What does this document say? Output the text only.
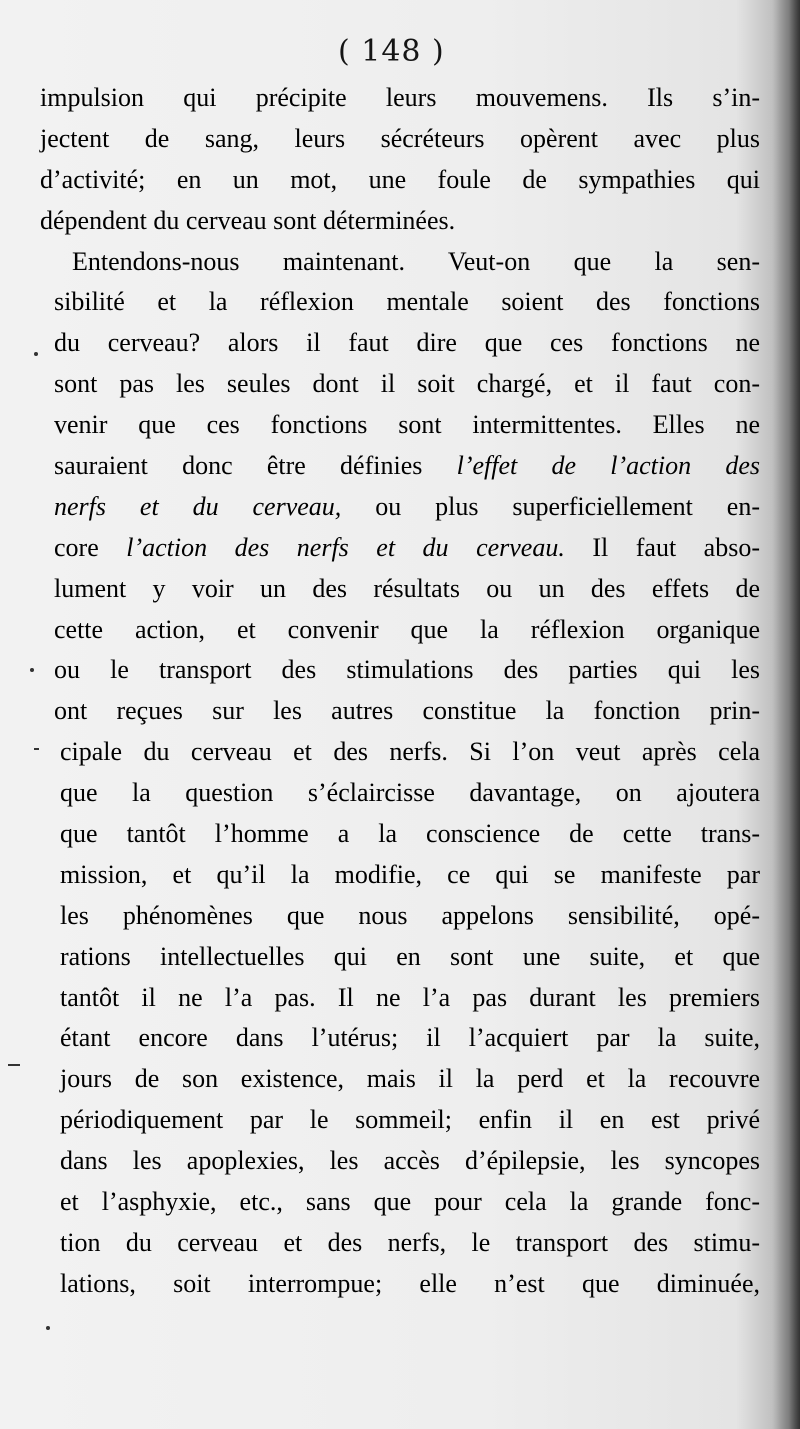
( 148 )
impulsion qui précipite leurs mouvemens. Ils s’in-
jectent de sang, leurs sécréteurs opèrent avec plus
d’activité; en un mot, une foule de sympathies qui
dépendent du cerveau sont déterminées.
Entendons-nous maintenant. Veut-on que la sen-
sibilité et la réflexion mentale soient des fonctions
du cerveau? alors il faut dire que ces fonctions ne
sont pas les seules dont il soit chargé, et il faut con-
venir que ces fonctions sont intermittentes. Elles ne
sauraient donc être définies l’effet de l’action des
nerfs et du cerveau, ou plus superficiellement en-
core l’action des nerfs et du cerveau. Il faut abso-
lument y voir un des résultats ou un des effets de
cette action, et convenir que la réflexion organique
ou le transport des stimulations des parties qui les
ont reçues sur les autres constitue la fonction prin-
cipale du cerveau et des nerfs. Si l’on veut après cela
que la question s’éclaircisse davantage, on ajoutera
que tantôt l’homme a la conscience de cette trans-
mission, et qu’il la modifie, ce qui se manifeste par
les phénomènes que nous appelons sensibilité, opé-
rations intellectuelles qui en sont une suite, et que
tantôt il ne l’a pas. Il ne l’a pas durant les premiers
étant encore dans l’utérus; il l’acquiert par la suite,
jours de son existence, mais il la perd et la recouvre
périodiquement par le sommeil; enfin il en est privé
dans les apoplexies, les accès d’épilepsie, les syncopes
et l’asphyxie, etc., sans que pour cela la grande fonc-
tion du cerveau et des nerfs, le transport des stimu-
lations, soit interrompue; elle n’est que diminuée,
